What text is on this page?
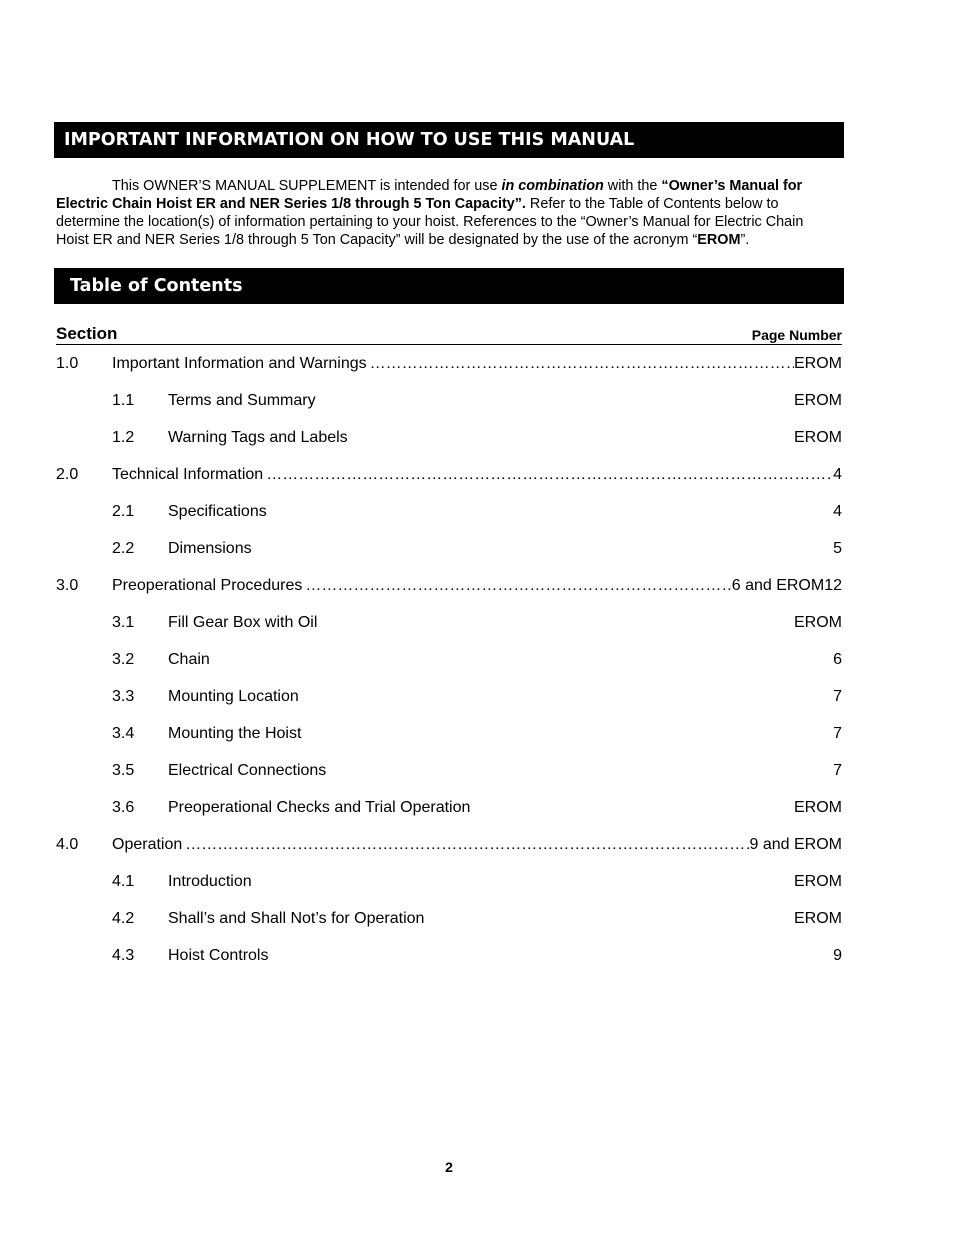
IMPORTANT INFORMATION ON HOW TO USE THIS MANUAL
This OWNER’S MANUAL SUPPLEMENT is intended for use in combination with the “Owner’s Manual for
Electric Chain Hoist ER and NER Series 1/8 through 5 Ton Capacity”. Refer to the Table of Contents below to
determine the location(s) of information pertaining to your hoist. References to the “Owner’s Manual for Electric Chain
Hoist ER and NER Series 1/8 through 5 Ton Capacity” will be designated by the use of the acronym “EROM”.
Table of Contents
Section	Page Number
1.0 Important Information and Warnings ……………………………………………………………………………………………………………………………………	EROM
1.1 Terms and Summary	EROM
1.2 Warning Tags and Labels	EROM
2.0 Technical Information ……………………………………………………………………………………………………………………………………	4
2.1 Specifications	4
2.2 Dimensions	5
3.0 Preoperational Procedures ……………………………………………………………………………………………………………………………………	6 and EROM12
3.1 Fill Gear Box with Oil	EROM
3.2 Chain	6
3.3 Mounting Location	7
3.4 Mounting the Hoist	7
3.5 Electrical Connections	7
3.6 Preoperational Checks and Trial Operation	EROM
4.0 Operation ……………………………………………………………………………………………………………………………………	9 and EROM
4.1 Introduction	EROM
4.2 Shall’s and Shall Not’s for Operation	EROM
4.3 Hoist Controls	9
2
